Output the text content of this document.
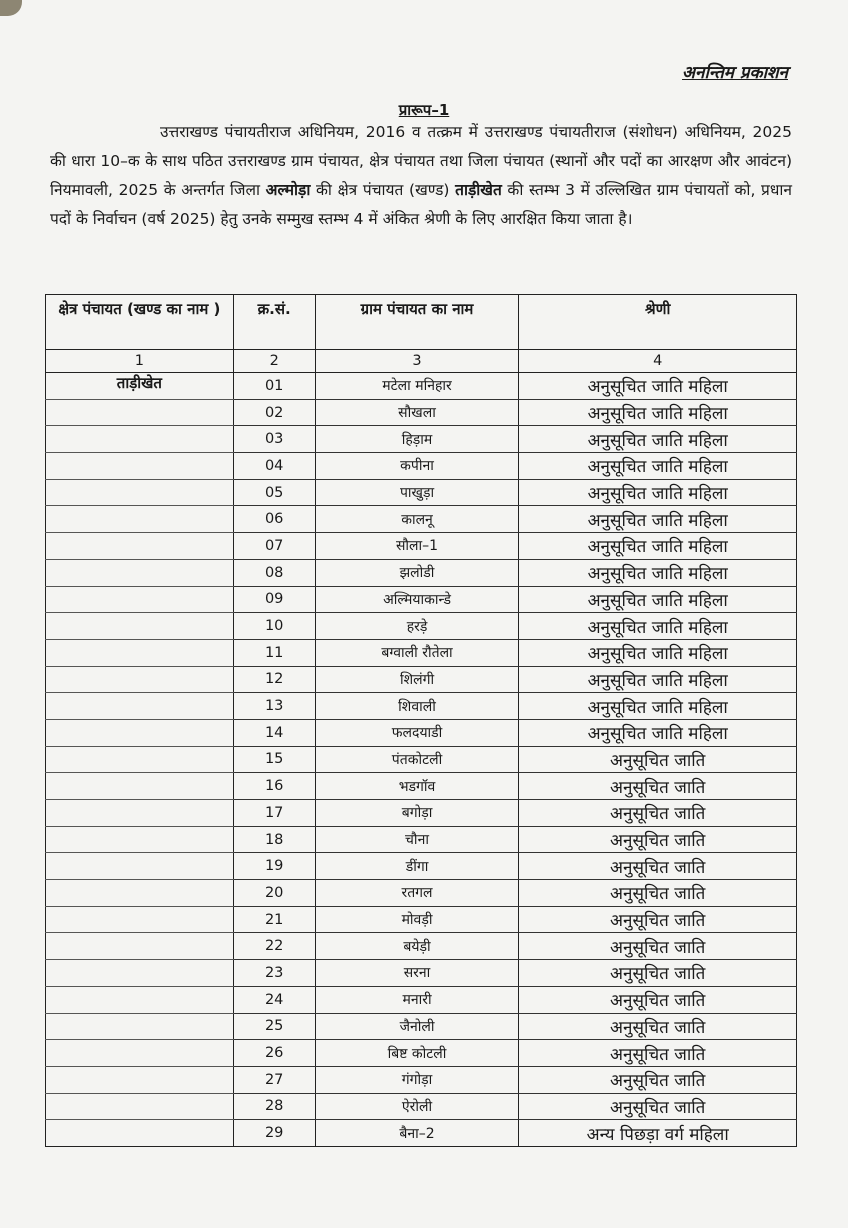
अनन्तिम प्रकाशन
प्रारूप–1

उत्तराखण्ड पंचायतीराज अधिनियम, 2016 व तत्क्रम में उत्तराखण्ड पंचायतीराज (संशोधन) अधिनियम, 2025 की धारा 10–क के साथ पठित उत्तराखण्ड ग्राम पंचायत, क्षेत्र पंचायत तथा जिला पंचायत (स्थानों और पदों का आरक्षण और आवंटन) नियमावली, 2025 के अन्तर्गत जिला अल्मोड़ा की क्षेत्र पंचायत (खण्ड) ताड़ीखेत की स्तम्भ 3 में उल्लिखित ग्राम पंचायतों को, प्रधान पदों के निर्वाचन (वर्ष 2025) हेतु उनके सम्मुख स्तम्भ 4 में अंकित श्रेणी के लिए आरक्षित किया जाता है।

क्षेत्र पंचायत (खण्ड का नाम )	क्र.सं.	ग्राम पंचायत का नाम	श्रेणी
1	2	3	4
ताड़ीखेत	01	मटेला मनिहार	अनुसूचित जाति महिला
	02	सौखला	अनुसूचित जाति महिला
	03	हिड़ाम	अनुसूचित जाति महिला
	04	कपीना	अनुसूचित जाति महिला
	05	पाखुड़ा	अनुसूचित जाति महिला
	06	कालनू	अनुसूचित जाति महिला
	07	सौला–1	अनुसूचित जाति महिला
	08	झलोडी	अनुसूचित जाति महिला
	09	अल्मियाकान्डे	अनुसूचित जाति महिला
	10	हरड़े	अनुसूचित जाति महिला
	11	बग्वाली रौतेला	अनुसूचित जाति महिला
	12	शिलंगी	अनुसूचित जाति महिला
	13	शिवाली	अनुसूचित जाति महिला
	14	फलदयाडी	अनुसूचित जाति महिला
	15	पंतकोटली	अनुसूचित जाति
	16	भडगॉव	अनुसूचित जाति
	17	बगोड़ा	अनुसूचित जाति
	18	चौना	अनुसूचित जाति
	19	डींगा	अनुसूचित जाति
	20	रतगल	अनुसूचित जाति
	21	मोवड़ी	अनुसूचित जाति
	22	बयेड़ी	अनुसूचित जाति
	23	सरना	अनुसूचित जाति
	24	मनारी	अनुसूचित जाति
	25	जैनोली	अनुसूचित जाति
	26	बिष्ट कोटली	अनुसूचित जाति
	27	गंगोड़ा	अनुसूचित जाति
	28	ऐरोली	अनुसूचित जाति
	29	बैना–2	अन्य पिछड़ा वर्ग महिला
